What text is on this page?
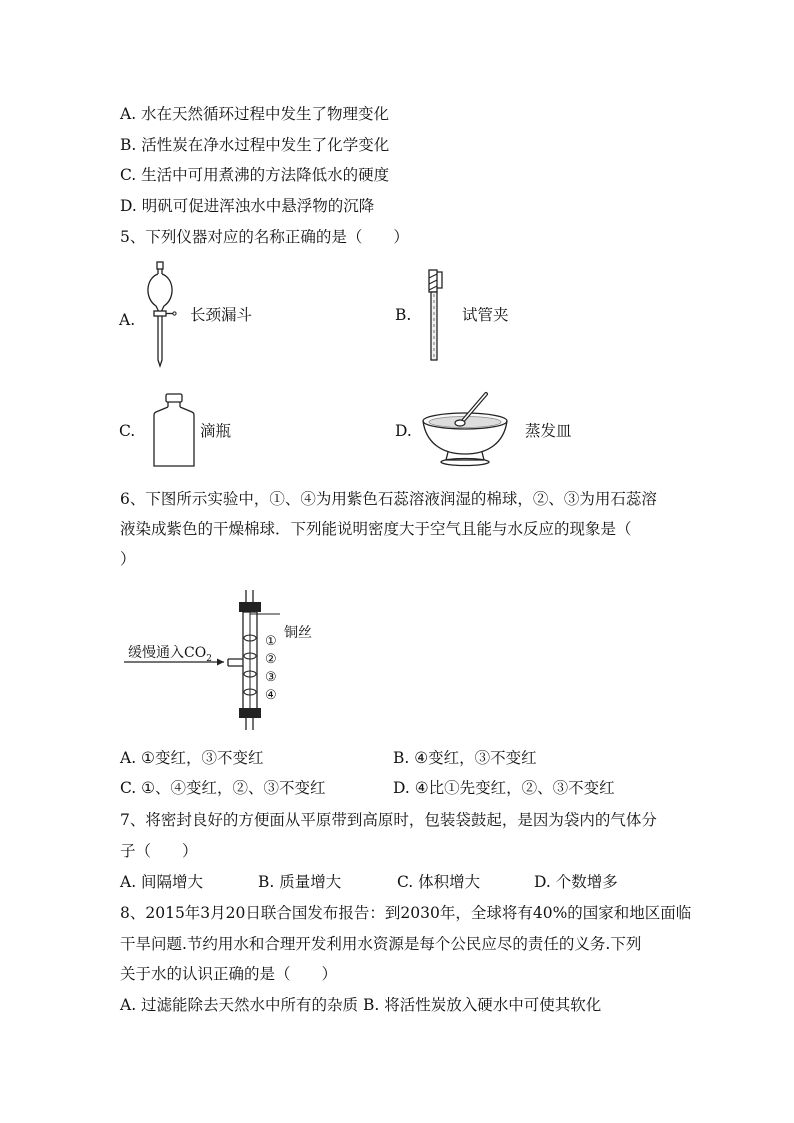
A. 水在天然循环过程中发生了物理变化
B. 活性炭在净水过程中发生了化学变化
C. 生活中可用煮沸的方法降低水的硬度
D. 明矾可促进浑浊水中悬浮物的沉降
5、下列仪器对应的名称正确的是（　　）
A.	长颈漏斗	B.	试管夹
C.	滴瓶	D.	蒸发皿
6、下图所示实验中，①、④为用紫色石蕊溶液润湿的棉球，②、③为用石蕊溶
液染成紫色的干燥棉球．下列能说明密度大于空气且能与水反应的现象是（
）
缓慢通入$CO_2$
铜丝
①
②
③
④
A. ①变红，③不变红	B. ④变红，③不变红
C. ①、④变红，②、③不变红	D. ④比①先变红，②、③不变红
7、将密封良好的方便面从平原带到高原时，包装袋鼓起，是因为袋内的气体分
子（　　）
A. 间隔增大	B. 质量增大	C. 体积增大	D. 个数增多
8、2015年3月20日联合国发布报告：到2030年，全球将有40%的国家和地区面临
干旱问题.节约用水和合理开发利用水资源是每个公民应尽的责任的义务.下列
关于水的认识正确的是（　　）
A. 过滤能除去天然水中所有的杂质 B. 将活性炭放入硬水中可使其软化
